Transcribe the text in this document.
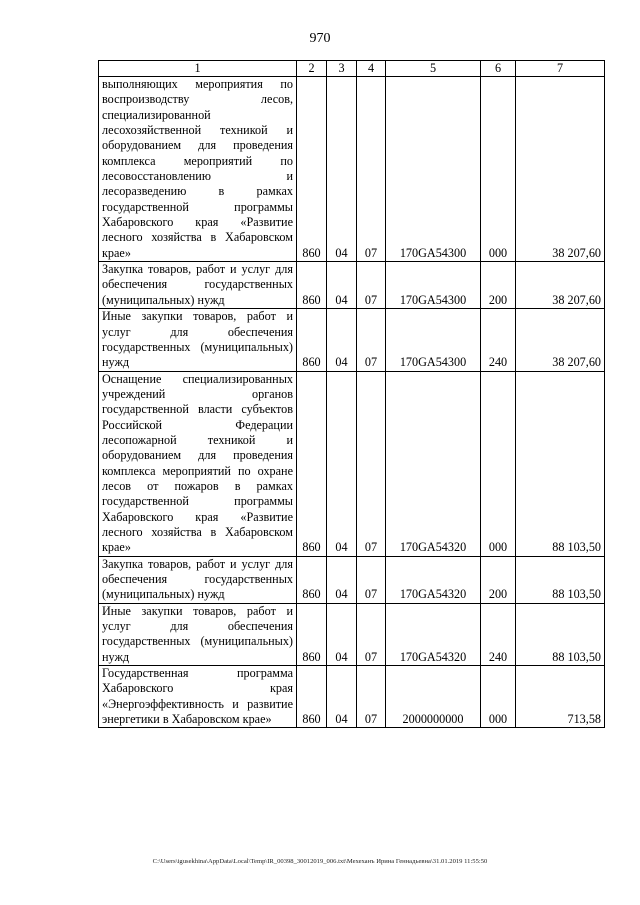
970
1	2	3	4	5	6	7
выполняющих мероприятия по воспроизводству лесов, специализированной лесохозяйственной техникой и оборудованием для проведения комплекса мероприятий по лесовосстановлению и лесоразведению в рамках государственной программы Хабаровского края «Развитие лесного хозяйства в Хабаровском крае»	860	04	07	170GA54300	000	38 207,60
Закупка товаров, работ и услуг для обеспечения государственных (муниципальных) нужд	860	04	07	170GA54300	200	38 207,60
Иные закупки товаров, работ и услуг для обеспечения государственных (муниципальных) нужд	860	04	07	170GA54300	240	38 207,60
Оснащение специализированных учреждений органов государственной власти субъектов Российской Федерации лесопожарной техникой и оборудованием для проведения комплекса мероприятий по охране лесов от пожаров в рамках государственной программы Хабаровского края «Развитие лесного хозяйства в Хабаровском крае»	860	04	07	170GA54320	000	88 103,50
Закупка товаров, работ и услуг для обеспечения государственных (муниципальных) нужд	860	04	07	170GA54320	200	88 103,50
Иные закупки товаров, работ и услуг для обеспечения государственных (муниципальных) нужд	860	04	07	170GA54320	240	88 103,50
Государственная программа Хабаровского края «Энергоэффективность и развитие энергетики в Хабаровском крае»	860	04	07	2000000000	000	713,58
C:\Users\igusekhina\AppData\Local\Temp\IR_00398_30012019_006.txt\Мехеханъ Ирина Геннадьевна\31.01.2019 11:55:50
